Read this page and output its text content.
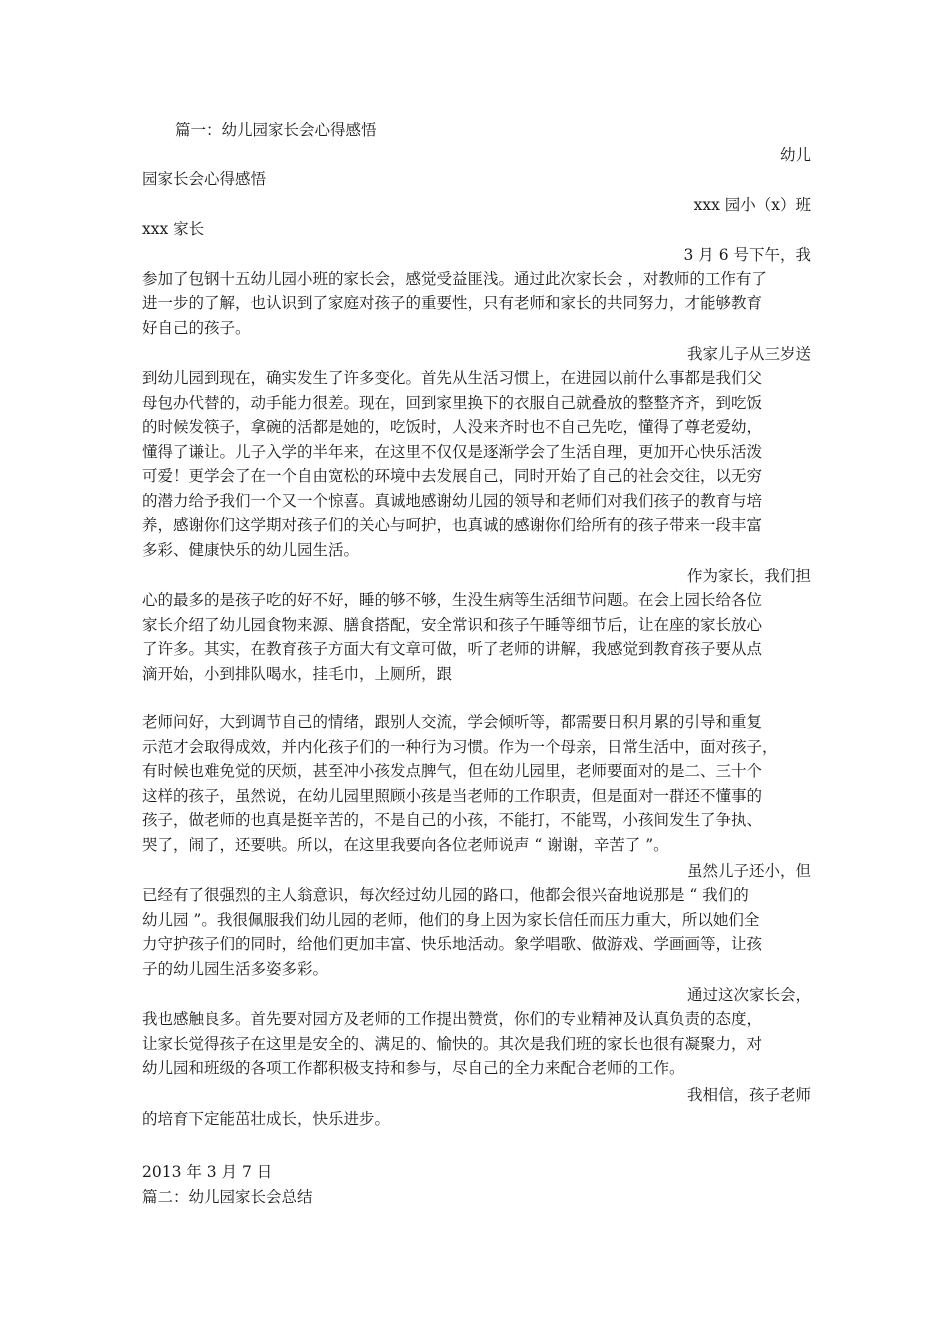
篇一：幼儿园家长会心得感悟
幼儿
园家长会心得感悟
xxx 园小（x）班
xxx 家长
3 月 6 号下午，我
参加了包钢十五幼儿园小班的家长会，感觉受益匪浅。通过此次家长会 ，对教师的工作有了
进一步的了解，也认识到了家庭对孩子的重要性，只有老师和家长的共同努力，才能够教育
好自己的孩子。
我家儿子从三岁送
到幼儿园到现在，确实发生了许多变化。首先从生活习惯上，在进园以前什么事都是我们父
母包办代替的，动手能力很差。现在，回到家里换下的衣服自己就叠放的整整齐齐，到吃饭
的时候发筷子，拿碗的活都是她的，吃饭时，人没来齐时也不自己先吃，懂得了尊老爱幼，
懂得了谦让。儿子入学的半年来，在这里不仅仅是逐渐学会了生活自理，更加开心快乐活泼
可爱！更学会了在一个自由宽松的环境中去发展自己，同时开始了自己的社会交往，以无穷
的潜力给予我们一个又一个惊喜。真诚地感谢幼儿园的领导和老师们对我们孩子的教育与培
养，感谢你们这学期对孩子们的关心与呵护，也真诚的感谢你们给所有的孩子带来一段丰富
多彩、健康快乐的幼儿园生活。
作为家长，我们担
心的最多的是孩子吃的好不好，睡的够不够，生没生病等生活细节问题。在会上园长给各位
家长介绍了幼儿园食物来源、膳食搭配，安全常识和孩子午睡等细节后，让在座的家长放心
了许多。其实，在教育孩子方面大有文章可做，听了老师的讲解，我感觉到教育孩子要从点
滴开始，小到排队喝水，挂毛巾，上厕所，跟
老师问好，大到调节自己的情绪，跟别人交流，学会倾听等，都需要日积月累的引导和重复
示范才会取得成效，并内化孩子们的一种行为习惯。作为一个母亲，日常生活中，面对孩子，
有时候也难免觉的厌烦，甚至冲小孩发点脾气，但在幼儿园里，老师要面对的是二、三十个
这样的孩子，虽然说，在幼儿园里照顾小孩是当老师的工作职责，但是面对一群还不懂事的
孩子，做老师的也真是挺辛苦的，不是自己的小孩，不能打，不能骂，小孩间发生了争执、
哭了，闹了，还要哄。所以，在这里我要向各位老师说声 “ 谢谢，辛苦了 ”。
虽然儿子还小，但
已经有了很强烈的主人翁意识，每次经过幼儿园的路口，他都会很兴奋地说那是 “ 我们的
幼儿园 ”。我很佩服我们幼儿园的老师，他们的身上因为家长信任而压力重大，所以她们全
力守护孩子们的同时，给他们更加丰富、快乐地活动。象学唱歌、做游戏、学画画等，让孩
子的幼儿园生活多姿多彩。
通过这次家长会，
我也感触良多。首先要对园方及老师的工作提出赞赏，你们的专业精神及认真负责的态度，
让家长觉得孩子在这里是安全的、满足的、愉快的。其次是我们班的家长也很有凝聚力，对
幼儿园和班级的各项工作都积极支持和参与，尽自己的全力来配合老师的工作。
我相信，孩子老师
的培育下定能茁壮成长，快乐进步。
2013 年 3 月 7 日
篇二：幼儿园家长会总结
